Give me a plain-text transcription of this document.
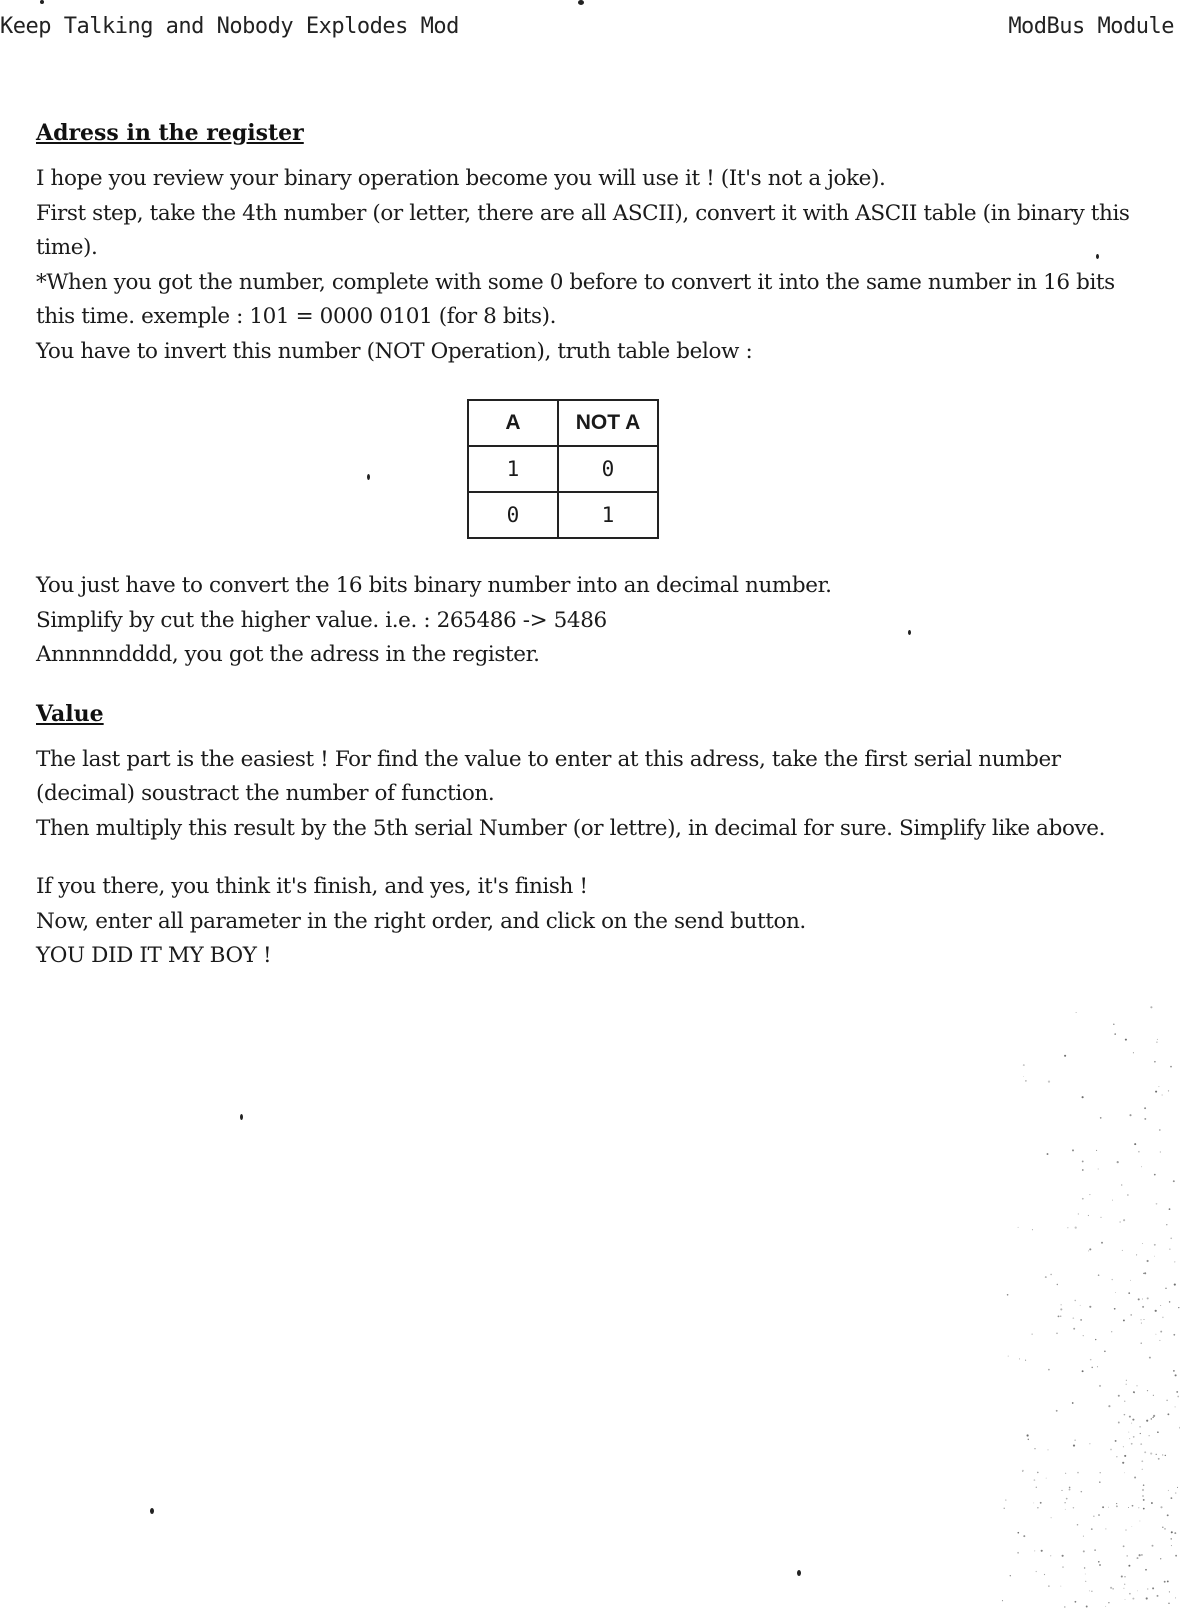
Keep Talking and Nobody Explodes Mod	ModBus Module
Adress in the register

I hope you review your binary operation become you will use it ! (It's not a joke).

First step, take the 4th number (or letter, there are all ASCII), convert it with ASCII table (in binary this time).

*When you got the number, complete with some 0 before to convert it into the same number in 16 bits this time. exemple : 101 = 0000 0101 (for 8 bits).

You have to invert this number (NOT Operation), truth table below :

A	NOT A
1	0
0	1

You just have to convert the 16 bits binary number into an decimal number.

Simplify by cut the higher value. i.e. : 265486 -> 5486

Annnnndddd, you got the adress in the register.

Value

The last part is the easiest ! For find the value to enter at this adress, take the first serial number (decimal) soustract the number of function.

Then multiply this result by the 5th serial Number (or lettre), in decimal for sure. Simplify like above.

If you there, you think it's finish, and yes, it's finish !

Now, enter all parameter in the right order, and click on the send button.

YOU DID IT MY BOY !
